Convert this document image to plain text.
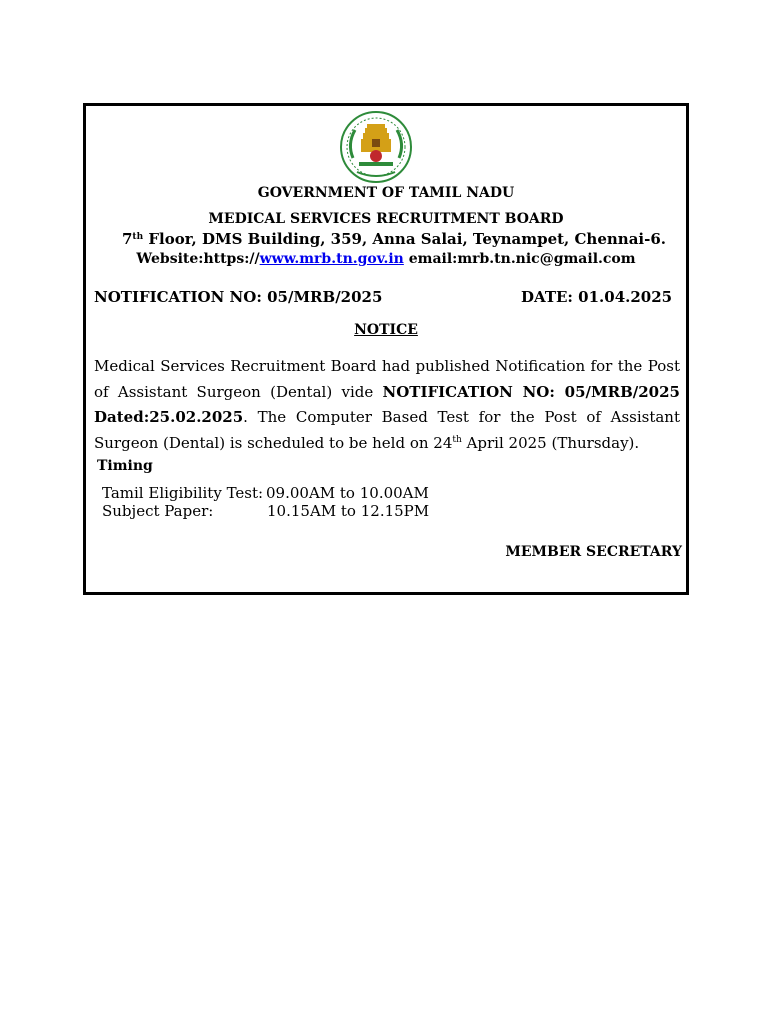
GOVERNMENT OF TAMIL NADU
MEDICAL SERVICES RECRUITMENT BOARD
7th Floor, DMS Building, 359, Anna Salai, Teynampet, Chennai-6.
Website:https://www.mrb.tn.gov.in email:mrb.tn.nic@gmail.com
NOTIFICATION NO: 05/MRB/2025	DATE: 01.04.2025
NOTICE
Medical Services Recruitment Board had published Notification for the Post of Assistant Surgeon (Dental) vide NOTIFICATION NO: 05/MRB/2025 Dated:25.02.2025. The Computer Based Test for the Post of Assistant Surgeon (Dental) is scheduled to be held on 24th April 2025 (Thursday).
Timing
Tamil Eligibility Test: 09.00AM to 10.00AM
Subject Paper:	10.15AM to 12.15PM
MEMBER SECRETARY
